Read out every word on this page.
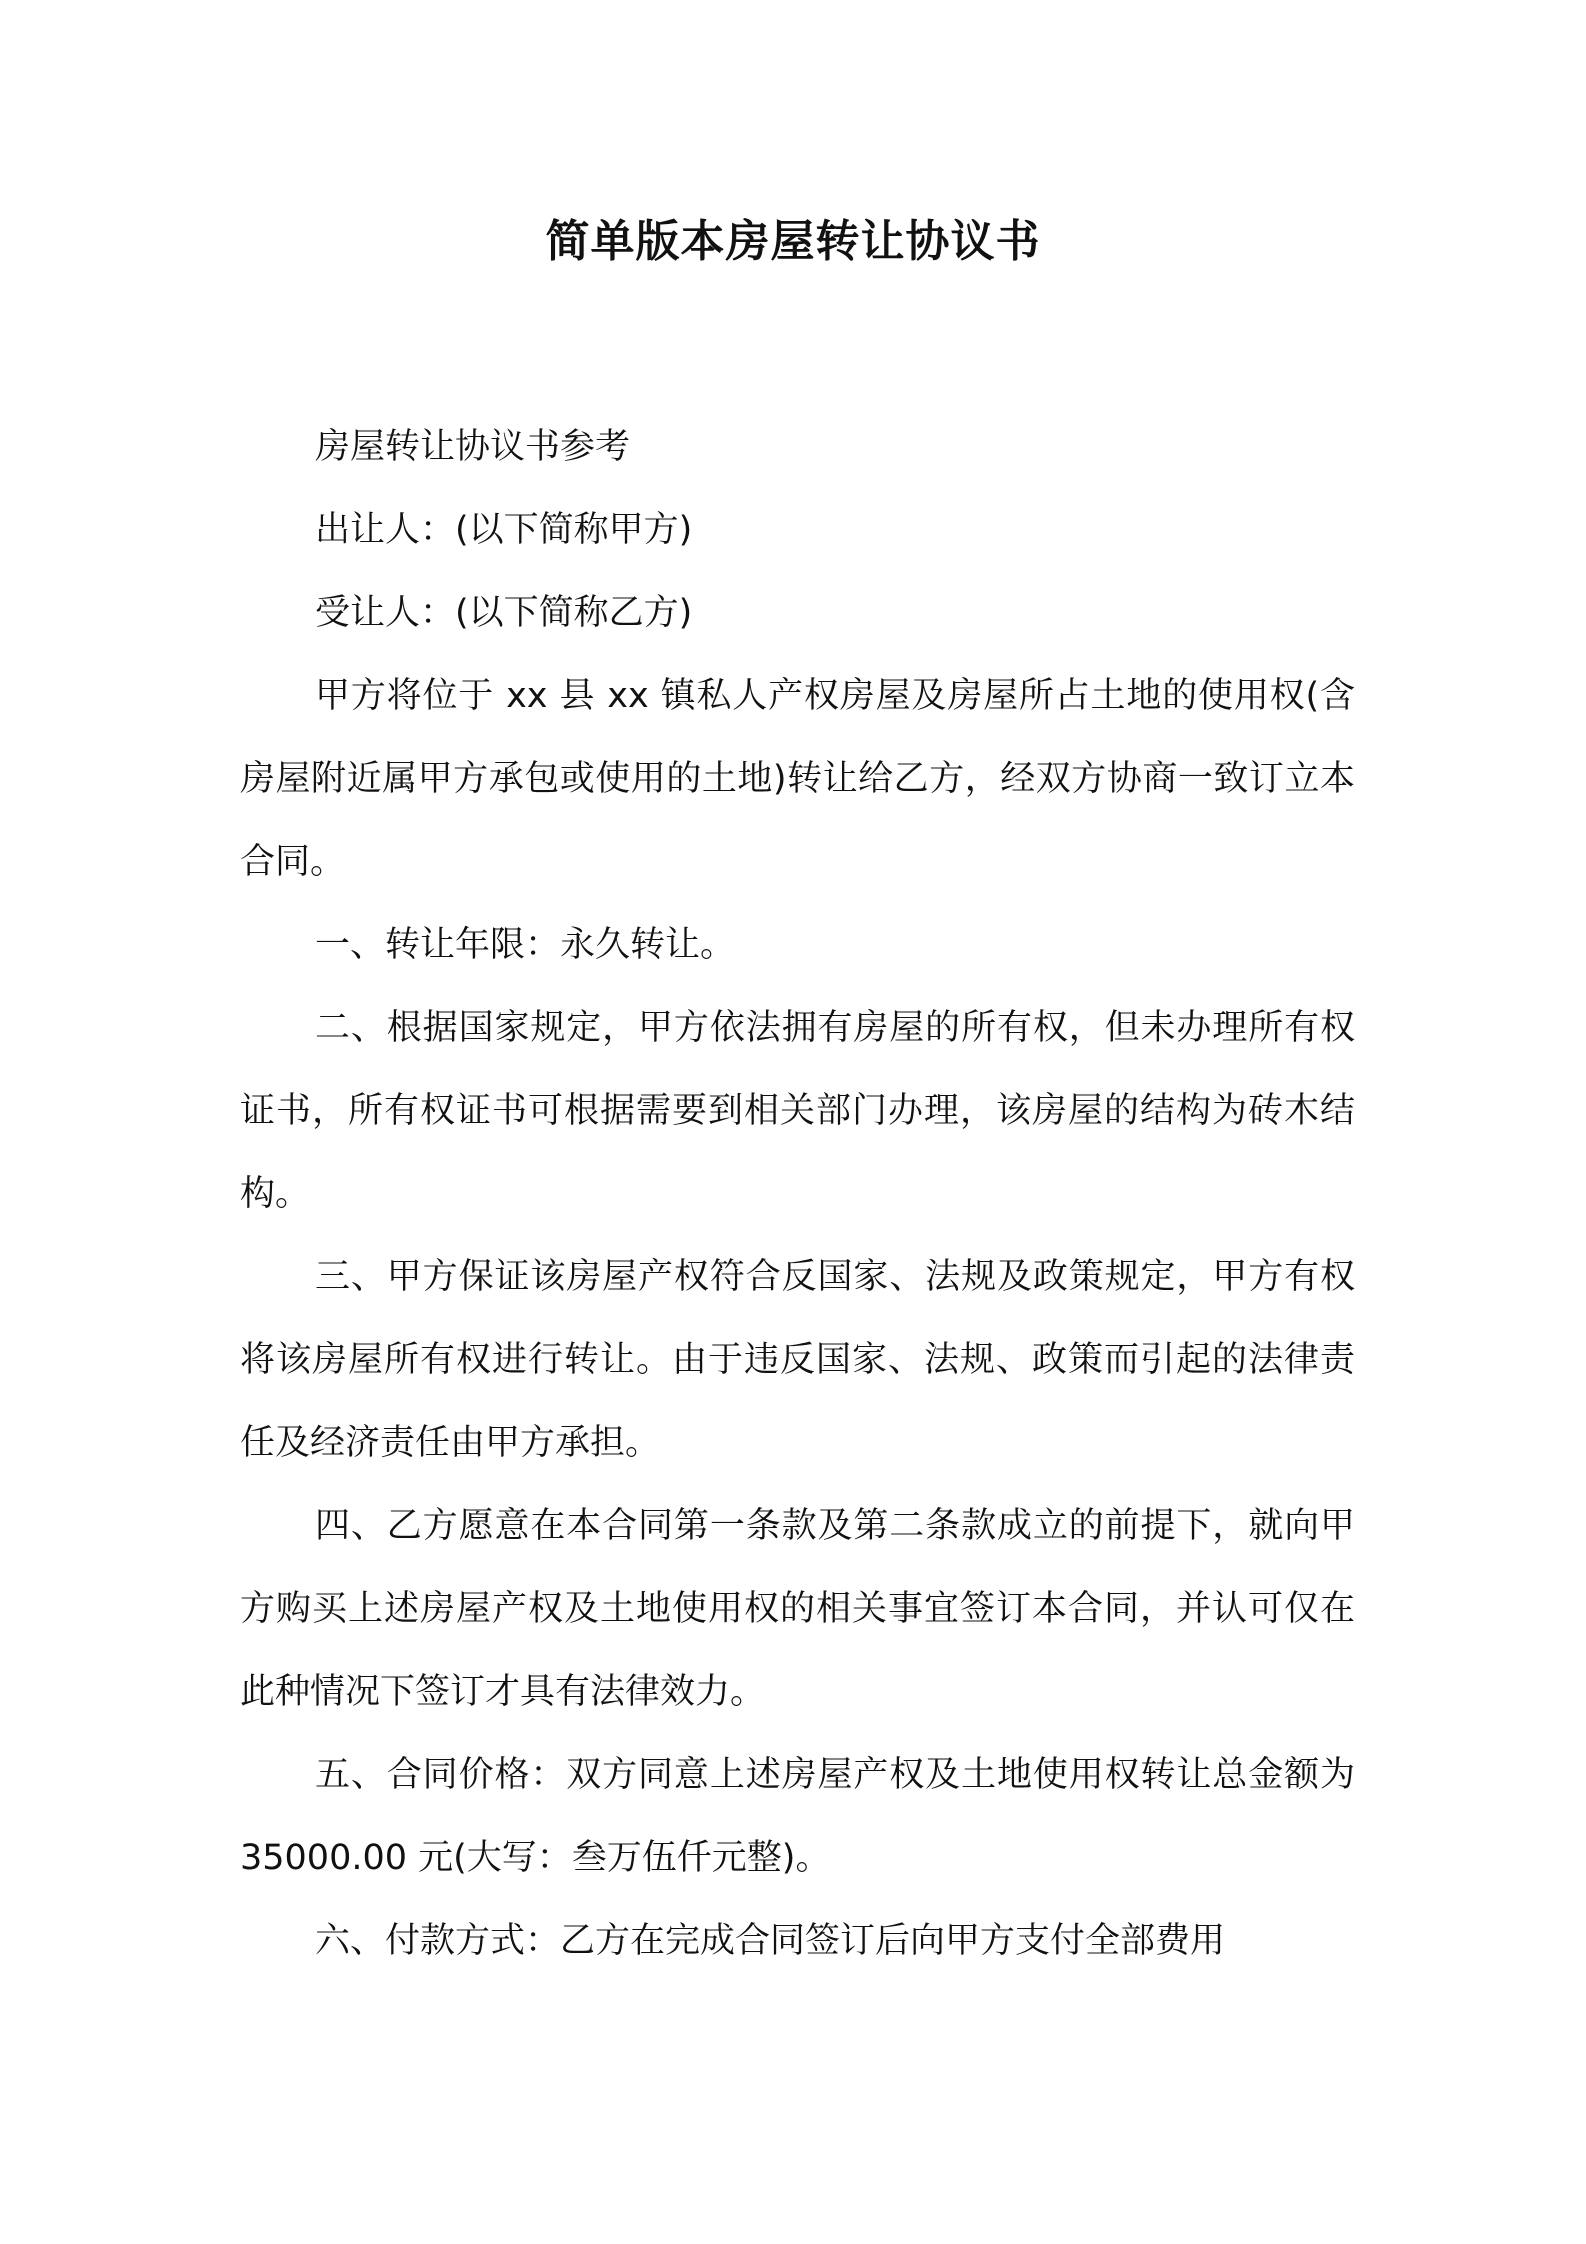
简单版本房屋转让协议书

房屋转让协议书参考

出让人：(以下简称甲方)

受让人：(以下简称乙方)

甲方将位于 xx 县 xx 镇私人产权房屋及房屋所占土地的使用权(含房屋附近属甲方承包或使用的土地)转让给乙方，经双方协商一致订立本合同。

一、转让年限：永久转让。

二、根据国家规定，甲方依法拥有房屋的所有权，但未办理所有权证书，所有权证书可根据需要到相关部门办理，该房屋的结构为砖木结构。

三、甲方保证该房屋产权符合反国家、法规及政策规定，甲方有权将该房屋所有权进行转让。由于违反国家、法规、政策而引起的法律责任及经济责任由甲方承担。

四、乙方愿意在本合同第一条款及第二条款成立的前提下，就向甲方购买上述房屋产权及土地使用权的相关事宜签订本合同，并认可仅在此种情况下签订才具有法律效力。

五、合同价格：双方同意上述房屋产权及土地使用权转让总金额为 35000.00 元(大写：叁万伍仟元整)。

六、付款方式：乙方在完成合同签订后向甲方支付全部费用
